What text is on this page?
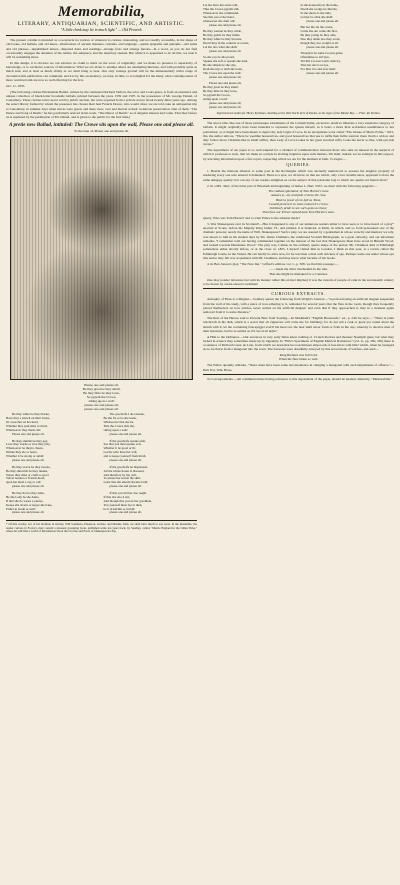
Memorabilia,
LITERARY, ANTIQUARIAN, SCIENTIFIC, AND ARTISTIC.
"A little chink may let in much light." — Old Proverb.

The present column is intended as a receptacle for notices of whatever is curious, interesting, and not readily accessible, in the shape of old books, old ballads, and old tunes—illustrations of ancient manners, customs, and language—quaint epigrams and epitaphs—odd sums and old phrases—unpublished letters—disputed dates and readings—strange facts and strange fancies—in a word, as you do not find occasionally engages the attention of the author, the antiquary, and the desultory student. But while it is appointed to do all this, we trust it will be something more.

In this design, it is obvious we can advance no claim to merit on the score of originality: and we make no pretence to superiority of knowledge, or to exclusive sources of information. What we are about to attempt others are attempting likewise, and with probably quite as much zeal, and at least as much ability as we shall bring to bear. Our only vantage ground will be the immeasurably wider range of circulation this publication can command, and it is by this ascendancy, we trust, in time, to accomplish for the many, what contemporaries of more restricted aim are now so well effecting for the few.

Oct. 11, 1855.

[The following curious Elizabethan Ballad, written by the celebrated Richard Tarlton, the actor and Court-jester, is from an extensive and unique collection of black-letter broadside ballads, printed between the years 1559 and 1597, in the possession of Mr. George Daniel, of Canonbury. These curious relics never sold by public auction, but were acquired from a private source about twenty-three years ago. Among the select library formed by whom the possessor has chosen their best Francis Douce, who would often, we are told, take an antiquarian trip to Canonbury, in summer days when leaves were green, and there view, over and marvel at their wondrous preservation. One of them, "The Dance and Song of Death," he has particularly noticed in his work, "The Dance of Death," as of singular interest and value. That they before us is reprinted by the permission of Mr. Daniel, and is given to the public for the first time.]

A pretie new Ballad, intituled: The Crowe sits upon the wall, Please one and please all.
To the tune of, Please one and please all.
Please one and please all,
Be they great be they small,
Be they little be they lowe,
So pypeth the Crowe,
sitting upon a wall:
please one and please all,
please one and please all.
Be they white be they blacke,
Have they a smock on their backe,
Or a kercher on her head,
Whether they spin silke or thred,
Whatsoever they them call:
Please one and please all.
Be they sluttish be they gay,
Love they worke or love they play,
Whatsoever be theyre cheere,
Drinke they ale or beere,
Whether it be strong or small:
please one and please all.
Be they sowre be they sweete,
Be they shrewish be they meeke,
Weare they silke or cloth so good
Velvet bonnet or French-hood,
upon her head a cap or call:
please one and please all.
Be they hot be they lame,
Be she Lady be she dame,
If that she do weare a placke,
Keepe she tavern or keepe she bane,
Either in booth or stall:
please one and please all.
The goodwife I doo meane,
Be she fat or be she leane,
Whatsoever that she be,
This the Crowe bids me,
sitting upon a wall:
please one and please all.
If the goodwife speake aloft,
See that you then speake soft,
Whether it be good or ill,
Let the wife have her will,
and to keepe yourself from thrall,
please one and please all.
If the goodwife be displeased,
All the whole house is diseased,
And therefore by my will,
To please her learne the skill,
Least that she should alwaise brall:
please one and please all.
If that you bid her doo ought,
If that she doo it not,
And though that you be her goodman,
You yourself must doo it then,
be it in kitchin or in hall:
please one and please all.
* Of this worthy, not of his brethren in motley, Will Sommers, Patenson, Archee, and Muckle John, we shall have much to say anon. In the meantime, the reader curious in Foolery, may consult a pleasant gossiping book, published some ten years back, by Sandley, called, "Merrie England in the Olden Time," where he will find a world of information about the Clowns and Fools of Shakespeare's day.
Let her have her owne will,
Thus the Crowe pypeth still,
Whatsoever she commaund,
See that you at her hand,
whatsoever she doth call:
please one and please all.
Be they wanton be they wilde,
Be they gentle be they milde,
Be they white be they browne,
Dwell they in the countrie or towne,
Let her doo what she shall:
please one and please all.
So she coy be she proud,
Speake she soft or speake she loud,
Be she simple be she slye,
Doth she trip or doth she trede,
The Crowe sits upon the wall:
please one and please all.
Please one and please all,
Be they great be they small,
Be they little be they lowe,
So pypeth the Crowe,
sitting upon a wall:
please one and please all,
please one and please all.
Is she housewife in the home,
Doeth she wedge in churche,
Is she shorte is she talle,
Let her be what she shall:
please one and please all.
But not the ale the cruste,
Come she out come she first,
Be they young be they olde,
Doo they smile doo they scold,
though they doo weight at all:
please one and please all.
Though it be some Crowes guise,
Oftentimes to tell lyes,
Yet this Crowes words doth try,
That her tale is no lye,
For thus it is and ever shall:
please one and please all.
Imprinted at London for Henry Kyrkham, dwelling at the little North dore of Paules, at the signe of the Blacke Boy. — Finis. Ri. Tarlton.

The above Ode, like one of those picturesque adornments of the Cairneh hymn, exceed no doubt in illustrate a very extensive category of ballads. It might originally have been intended to represent the Queen herself, as it bears a more than accidental resemblance to her portraiture; or, it might have been meant to depict my lady Light of Love. In an anonymous work called "The Glasse of Man's Follie," 1615, ibn, the author tells us, "There be wealthie housewives, and good housewives that use to ruffle their fullie wanton; there liveth a widow and they follow more Christian-like in small ruffles, than Lady of Love lookes in her great starched ruffs, looks the never so like, with eye-lids awaye."

The department of our paper is so well adapted for a channel of communication between those who take an interest in the subjects of which it professes to treat, that we make no scruple in inviting inquiries upon such matters. We shall, indeed, set an example in this respect, by soliciting information upon a few topics, respecting which we are for the moment at fault. To begin:—

QUERIES.

1. Beside the mistook allusion to some post in the Roxburghe which was anciently understood to possess the singular property of rendering every one who entered it demented. There is a spot, we all know, in that ere which, only a few months since, appeared to have the same unhappy quality; but can any of our readers enlighten us on the subject of that particular bog to which our quaint old friend refers?

2. In a MS. diary of the latter part of Elizabeth and beginning of James I., Harl. 5353, we meet with the following epigram:—

The radiant splendour of Tom Horten's nose
Amazes p—ety and pide crowns the rose,
Had I a jewel of ere-full as Tome,
I would present it to some monarch's crown,
Sublimely pride to see such gems as these;
Therefore our Prince should have Tom Horten's nose.

Query, Who was Tom Horten? and to what Prince is the allusion made?

3. Was Shakespeare ever in Scotland?—Has it happened to any of our numerous readers either to have seen or to have heard of a play* enacted at Scone, before his Majesty King James VI., and printed, it is believed, at Perth, in which, and so forth personated one of the dramatic persons; nearly the name of Will. Shakespeare? Such a play, we are assured by a gentleman in whose veracity and memory we rely, was shown to him in his student days by Mr. James Chalmers, the celebrated Scottish Bibliograph, as a great curiosity; and our informant remarks, "I remember well our having commented together on the interest of the fact that Shakespeare must have stood in Birnam Wood, and looked towards Dunsinane Wood." The play was, I think, in the ordinary quarto shape of the period. Mr. Chalmers died at Edinburgh somewhere either shortly before, or at the close of, 1825. I myself visited him in London, I think in that year, at a tavern called the Edinburgh Castle, in the Strand. He can hardly be alive now, for he was then a man well stricken of age. Perhaps some one under whose eye this notice may fall was acquainted with Mr. Chalmers, and may know what became of his books.

4. In Ben Jonson's play, "The New Inn," Gifford's edition, vol. v., p. 308, we find this passage:—

——made me drive bareheaded in the rain,
That she might be mistaken for a Countess.

One may ponder laborious but with its manner rather this extract implies) it was the custom of people of rank in the seventeenth century to be drawn by a hare-snored coachman!

CURIOUS EXTRACTS.

Antiquity of Fleas to a Magnet.—Southey quotes the following from Wright's Journal:—"A person having an artificial magnet suspended from the wall of his study, with a piece of iron adhering to it, remarked for several years that the flies in the room, though they frequently placed themselves on iron articles, never settled on the artificial magnet; and even that if they approached it, they in a moment again removed from it to some distance."

The Rest of the Heroes said to Prevent Beer from Souring.—In Markham's "English Housewife," ed., p. 240, he says:— "There is plain witchcraft in his dish, which is a secret that all vignerons will come me for blabbing; for do not rub a cask or great pot round about the mouth with it, let the containing fark-spigget ever'll his head out, the beer shall never foam or froth in the cup, whereby to deceive men of their measures, but be as settled as if it stood all night."

A Hint to the Ordnance.—Our ancestors in very early times knew nothing of 13-inch mortars and monster Nasmyth guns; but what they lacked in science they sometimes made up by ingenuity. In "Ellis's Specimens of English Metrical Romances" (vol. ii., pp. 260, 265) there is a romance of Richard Coeur de Lion, from which we learn that he took thirteen ship-loads of bee-hives with him! which, when he besieged Acre, he threw from a mangonel into the town. The Saracens were dreadfully annoyed by this novel mode of warfare, and said:—

King Richard was full bold,
When his flies bitten so well.

The Editor quaintly remarks, "There must have been some inconvenience in charging a mangonel with such implements of offence."—Ibid. Ext. Wm. Hone.

To Correspondents.—All communications having reference to this department of the paper, should be headed, distinctly, "Memorabilia."
